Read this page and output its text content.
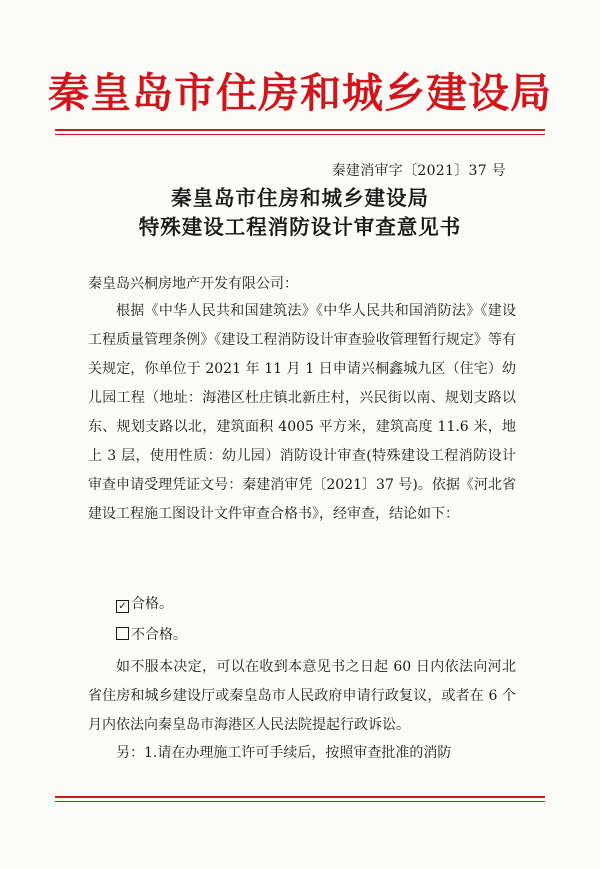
秦皇岛市住房和城乡建设局
秦建消审字〔2021〕37 号
秦皇岛市住房和城乡建设局
特殊建设工程消防设计审查意见书
秦皇岛兴桐房地产开发有限公司：
根据《中华人民共和国建筑法》《中华人民共和国消防法》《建设工程质量管理条例》《建设工程消防设计审查验收管理暂行规定》等有关规定，你单位于 2021 年 11 月 1 日申请兴桐鑫城九区（住宅）幼儿园工程（地址：海港区杜庄镇北新庄村，兴民街以南、规划支路以东、规划支路以北，建筑面积 4005 平方米，建筑高度 11.6 米，地上 3 层，使用性质：幼儿园）消防设计审查(特殊建设工程消防设计审查申请受理凭证文号：秦建消审凭〔2021〕37 号)。依据《河北省建设工程施工图设计文件审查合格书》，经审查，结论如下：
✓ 合格。
不合格。
如不服本决定，可以在收到本意见书之日起 60 日内依法向河北省住房和城乡建设厅或秦皇岛市人民政府申请行政复议，或者在 6 个月内依法向秦皇岛市海港区人民法院提起行政诉讼。
另：1.请在办理施工许可手续后，按照审查批准的消防
